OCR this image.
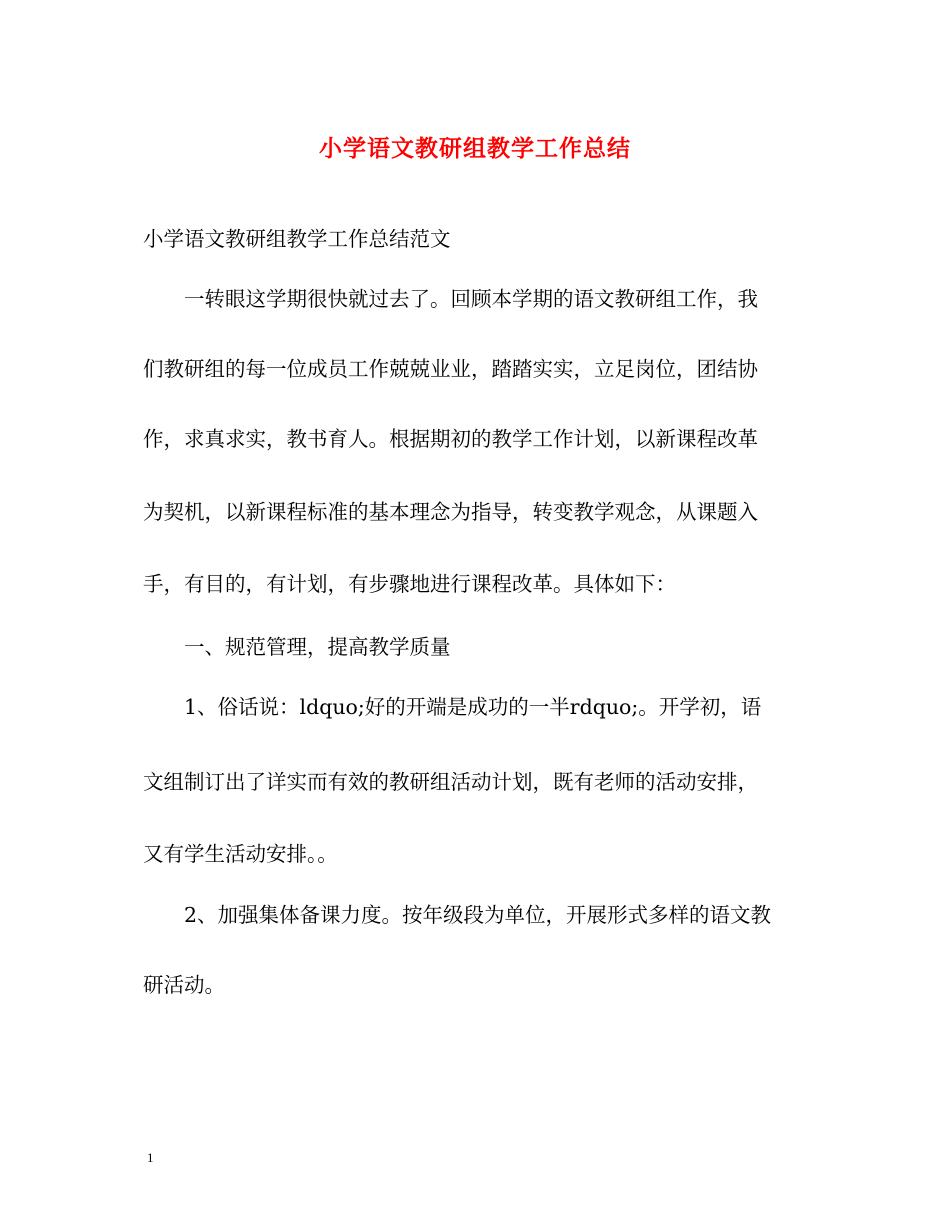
小学语文教研组教学工作总结
小学语文教研组教学工作总结范文
　　一转眼这学期很快就过去了。回顾本学期的语文教研组工作，我
们教研组的每一位成员工作兢兢业业，踏踏实实，立足岗位，团结协
作，求真求实，教书育人。根据期初的教学工作计划，以新课程改革
为契机，以新课程标准的基本理念为指导，转变教学观念，从课题入
手，有目的，有计划，有步骤地进行课程改革。具体如下：
　　一、规范管理，提高教学质量
　　1、俗话说：ldquo;好的开端是成功的一半rdquo;。开学初，语
文组制订出了详实而有效的教研组活动计划，既有老师的活动安排，
又有学生活动安排。。
　　2、加强集体备课力度。按年级段为单位，开展形式多样的语文教
研活动。
1
